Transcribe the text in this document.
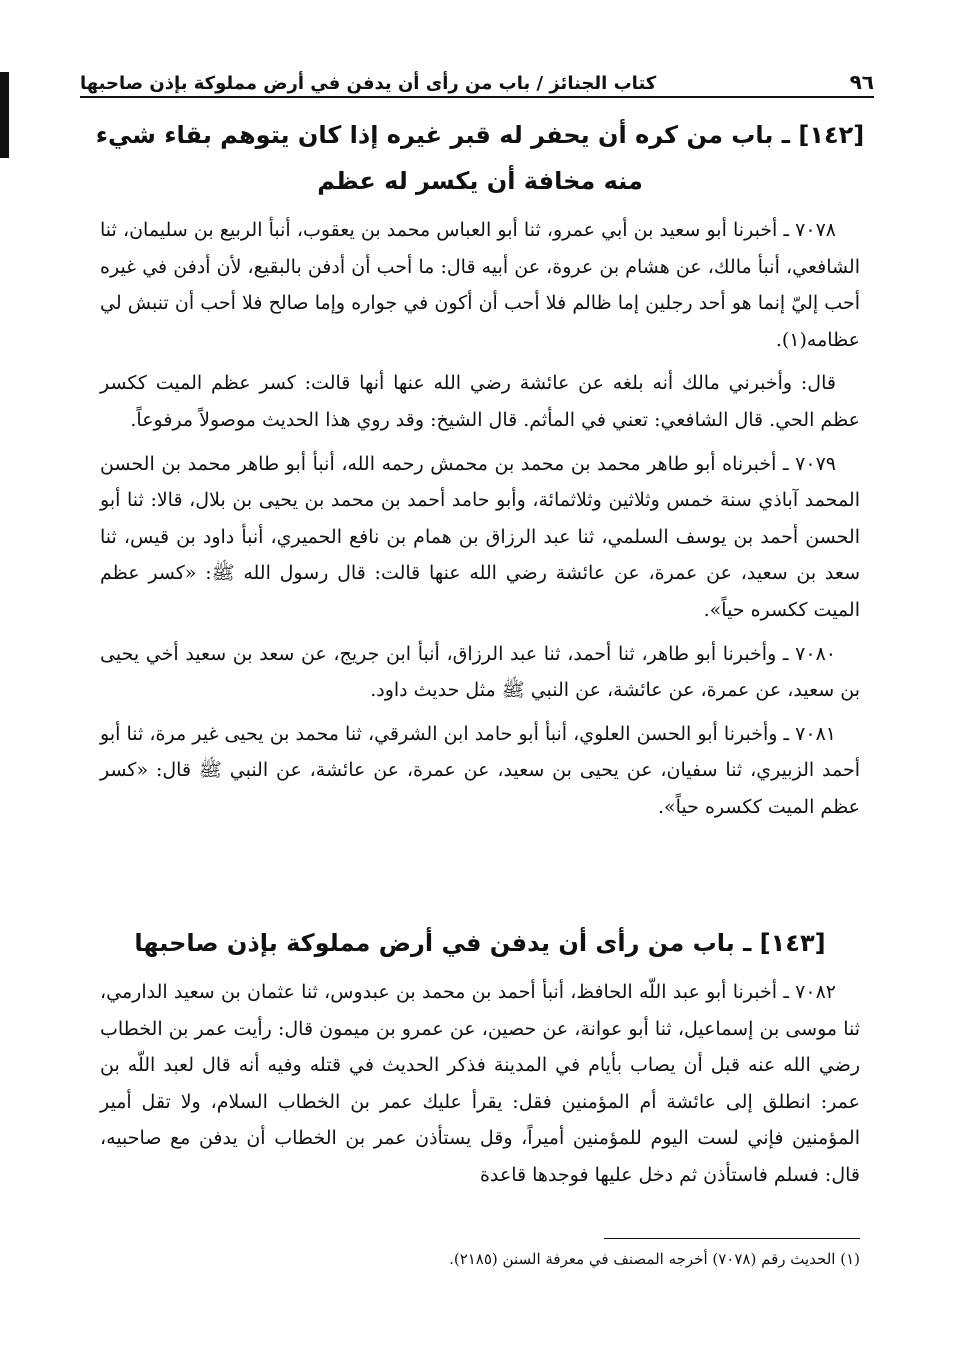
٩٦
كتاب الجنائز / باب من رأى أن يدفن في أرض مملوكة بإذن صاحبها
[١٤٢] ـ باب من كره أن يحفر له قبر غيره إذا كان يتوهم بقاء شيء منه مخافة أن يكسر له عظم

٧٠٧٨ ـ أخبرنا أبو سعيد بن أبي عمرو، ثنا أبو العباس محمد بن يعقوب، أنبأ الربيع بن سليمان، ثنا الشافعي، أنبأ مالك، عن هشام بن عروة، عن أبيه قال: ما أحب أن أدفن بالبقيع، لأن أدفن في غيره أحب إليّ إنما هو أحد رجلين إما ظالم فلا أحب أن أكون في جواره وإما صالح فلا أحب أن تنبش لي عظامه(١).

قال: وأخبرني مالك أنه بلغه عن عائشة رضي الله عنها أنها قالت: كسر عظم الميت ككسر عظم الحي. قال الشافعي: تعني في المأثم. قال الشيخ: وقد روي هذا الحديث موصولاً مرفوعاً.

٧٠٧٩ ـ أخبرناه أبو طاهر محمد بن محمد بن محمش رحمه الله، أنبأ أبو طاهر محمد بن الحسن المحمد آباذي سنة خمس وثلاثين وثلاثمائة، وأبو حامد أحمد بن محمد بن يحيى بن بلال، قالا: ثنا أبو الحسن أحمد بن يوسف السلمي، ثنا عبد الرزاق بن همام بن نافع الحميري، أنبأ داود بن قيس، ثنا سعد بن سعيد، عن عمرة، عن عائشة رضي الله عنها قالت: قال رسول الله ﷺ: «كسر عظم الميت ككسره حياً».

٧٠٨٠ ـ وأخبرنا أبو طاهر، ثنا أحمد، ثنا عبد الرزاق، أنبأ ابن جريج، عن سعد بن سعيد أخي يحيى بن سعيد، عن عمرة، عن عائشة، عن النبي ﷺ مثل حديث داود.

٧٠٨١ ـ وأخبرنا أبو الحسن العلوي، أنبأ أبو حامد ابن الشرقي، ثنا محمد بن يحيى غير مرة، ثنا أبو أحمد الزبيري، ثنا سفيان، عن يحيى بن سعيد، عن عمرة، عن عائشة، عن النبي ﷺ قال: «كسر عظم الميت ككسره حياً».

[١٤٣] ـ باب من رأى أن يدفن في أرض مملوكة بإذن صاحبها

٧٠٨٢ ـ أخبرنا أبو عبد اللّه الحافظ، أنبأ أحمد بن محمد بن عبدوس، ثنا عثمان بن سعيد الدارمي، ثنا موسى بن إسماعيل، ثنا أبو عوانة، عن حصين، عن عمرو بن ميمون قال: رأيت عمر بن الخطاب رضي الله عنه قبل أن يصاب بأيام في المدينة فذكر الحديث في قتله وفيه أنه قال لعبد اللّه بن عمر: انطلق إلى عائشة أم المؤمنين فقل: يقرأ عليك عمر بن الخطاب السلام، ولا تقل أمير المؤمنين فإني لست اليوم للمؤمنين أميراً، وقل يستأذن عمر بن الخطاب أن يدفن مع صاحبيه، قال: فسلم فاستأذن ثم دخل عليها فوجدها قاعدة

(١) الحديث رقم (٧٠٧٨) أخرجه المصنف في معرفة السنن (٢١٨٥).
